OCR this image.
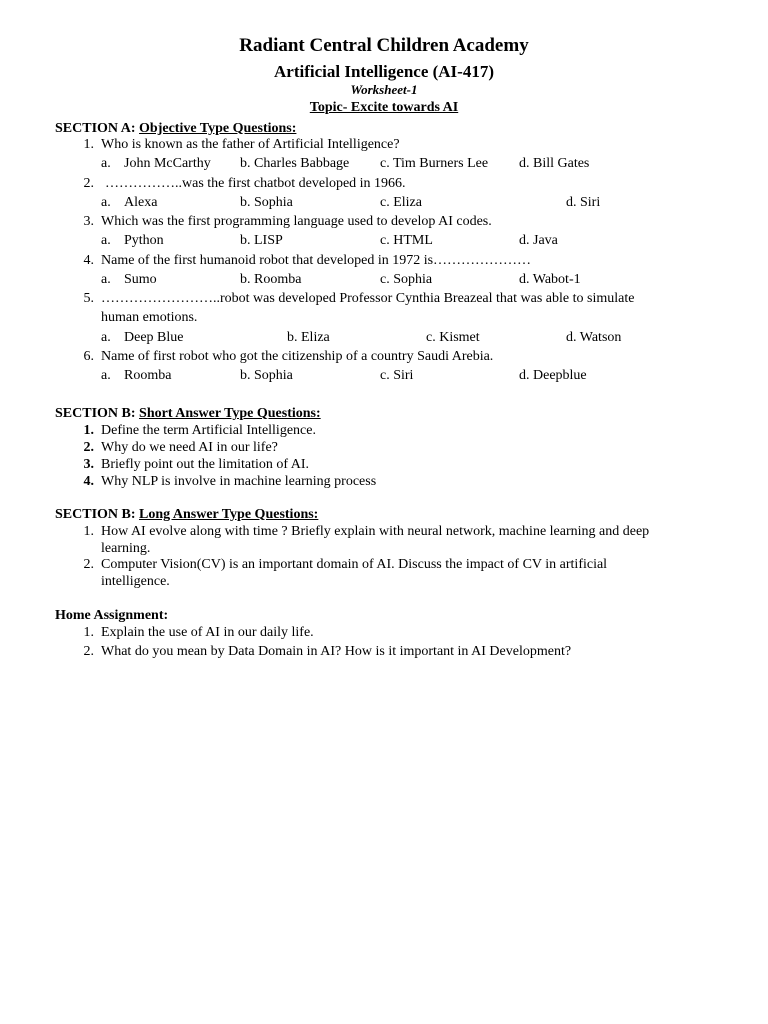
Radiant Central Children Academy
Artificial Intelligence (AI-417)
Worksheet-1
Topic- Excite towards AI
SECTION A: Objective Type Questions:
1. Who is known as the father of Artificial Intelligence?
a. John McCarthy b. Charles Babbage c. Tim Burners Lee d. Bill Gates
2. ……………..was the first chatbot developed in 1966.
a. Alexa	b. Sophia	c. Eliza	d. Siri
3. Which was the first programming language used to develop AI codes.
a. Python	b. LISP	c. HTML	d. Java
4. Name of the first humanoid robot that developed in 1972 is…………………
a. Sumo	b. Roomba	c. Sophia	d. Wabot-1
5. ……………………..robot was developed Professor Cynthia Breazeal that was able to simulate
human emotions.
a. Deep Blue	b. Eliza	c. Kismet	d. Watson
6. Name of first robot who got the citizenship of a country Saudi Arebia.
a. Roomba	b. Sophia	c. Siri	d. Deepblue
SECTION B: Short Answer Type Questions:
1. Define the term Artificial Intelligence.
2. Why do we need AI in our life?
3. Briefly point out the limitation of AI.
4. Why NLP is involve in machine learning process
SECTION B: Long Answer Type Questions:
1. How AI evolve along with time ? Briefly explain with neural network, machine learning and deep
learning.
2. Computer Vision(CV) is an important domain of AI. Discuss the impact of CV in artificial
intelligence.
Home Assignment:
1. Explain the use of AI in our daily life.
2. What do you mean by Data Domain in AI? How is it important in AI Development?
